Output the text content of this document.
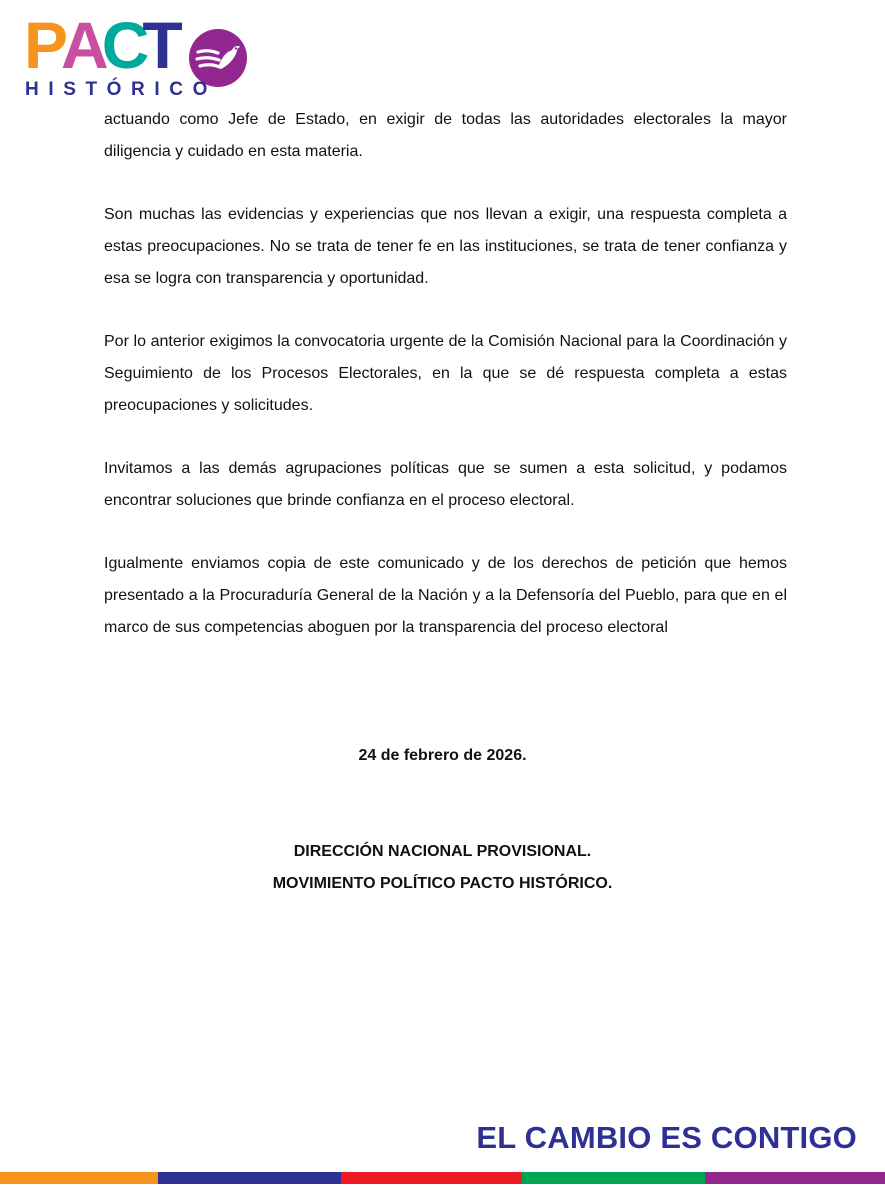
P A C T
HISTÓRICO

actuando como Jefe de Estado, en exigir de todas las autoridades electorales la mayor diligencia y cuidado en esta materia.

Son muchas las evidencias y experiencias que nos llevan a exigir, una respuesta completa a estas preocupaciones. No se trata de tener fe en las instituciones, se trata de tener confianza y esa se logra con transparencia y oportunidad.

Por lo anterior exigimos la convocatoria urgente de la Comisión Nacional para la Coordinación y Seguimiento de los Procesos Electorales, en la que se dé respuesta completa a estas preocupaciones y solicitudes.

Invitamos a las demás agrupaciones políticas que se sumen a esta solicitud, y podamos encontrar soluciones que brinde confianza en el proceso electoral.

Igualmente enviamos copia de este comunicado y de los derechos de petición que hemos presentado a la Procuraduría General de la Nación y a la Defensoría del Pueblo, para que en el marco de sus competencias aboguen por la transparencia del proceso electoral

24 de febrero de 2026.
DIRECCIÓN NACIONAL PROVISIONAL.
MOVIMIENTO POLÍTICO PACTO HISTÓRICO.
EL CAMBIO ES CONTIGO
